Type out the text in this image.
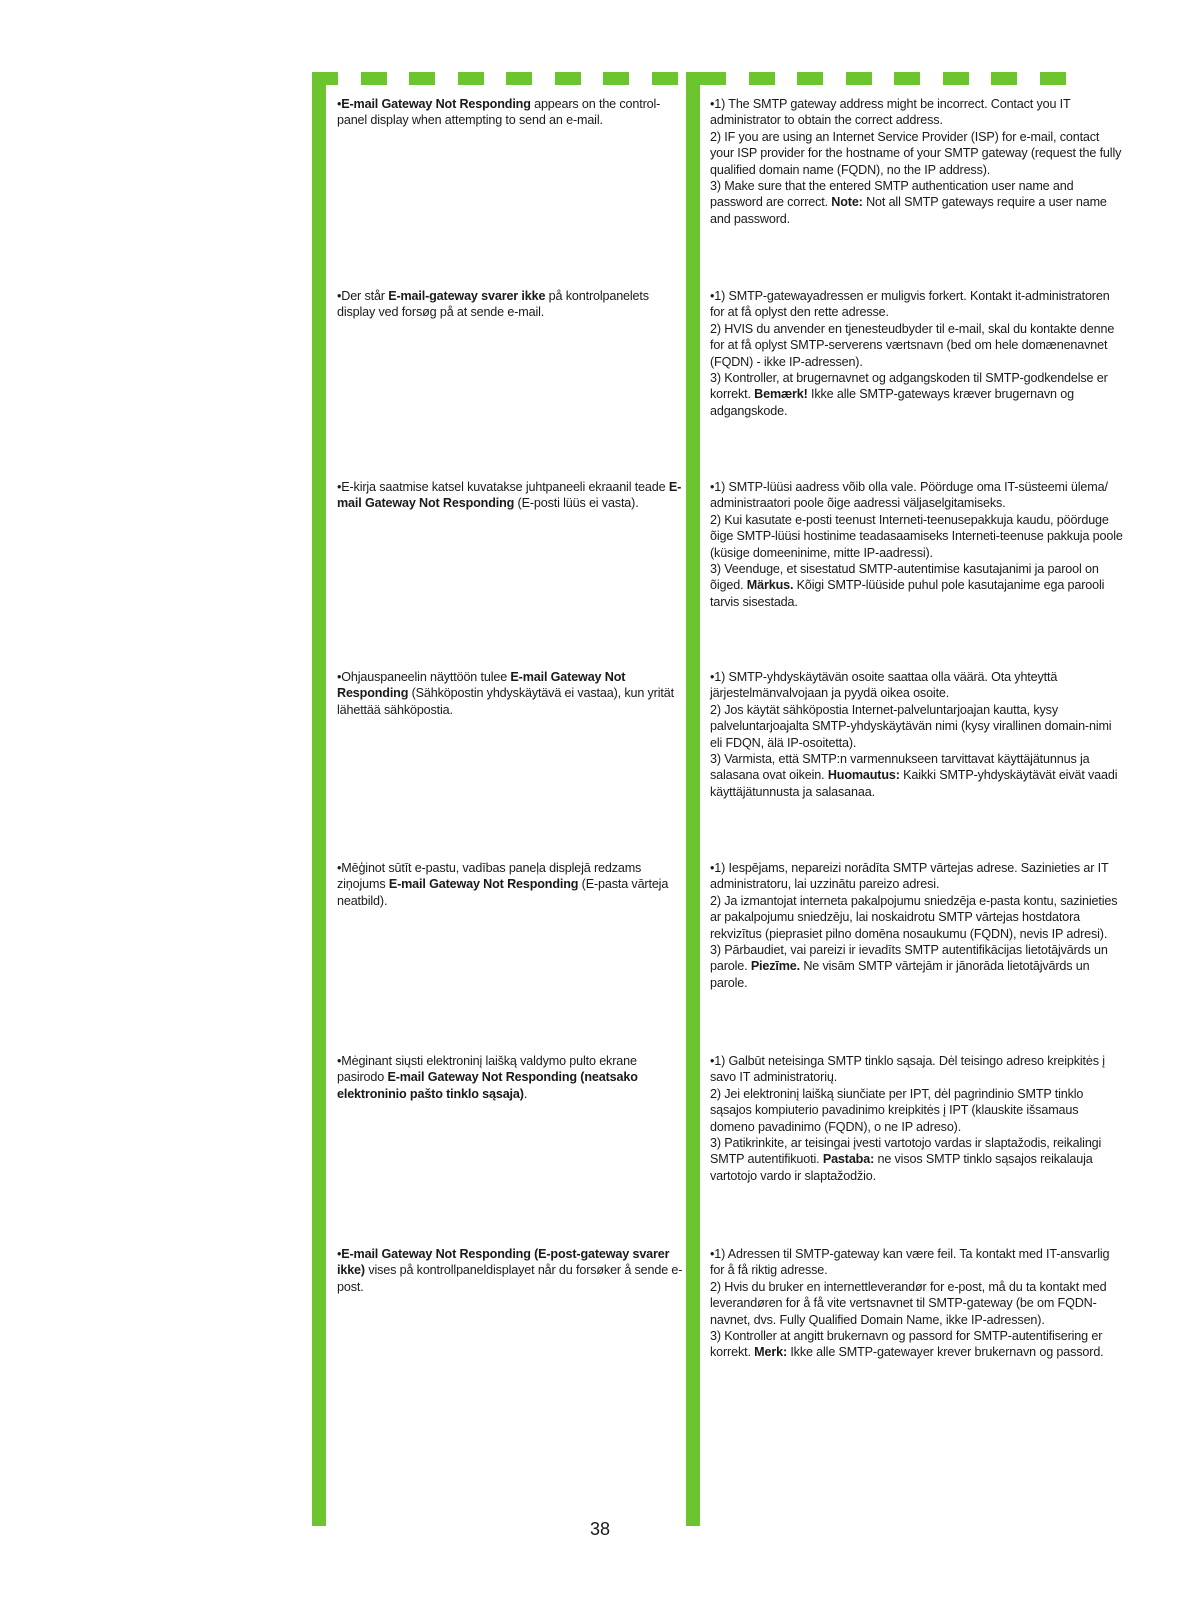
•E-mail Gateway Not Responding appears on the control-panel display when attempting to send an e-mail.

•1) The SMTP gateway address might be incorrect. Contact you IT administrator to obtain the correct address.

2) IF you are using an Internet Service Provider (ISP) for e-mail, contact your ISP provider for the hostname of your SMTP gateway (request the fully qualified domain name (FQDN), no the IP address).

3) Make sure that the entered SMTP authentication user name and password are correct. Note: Not all SMTP gateways require a user name and password.

•Der står E-mail-gateway svarer ikke på kontrolpanelets display ved forsøg på at sende e-mail.

•1) SMTP-gatewayadressen er muligvis forkert. Kontakt it-administratoren for at få oplyst den rette adresse.

2) HVIS du anvender en tjenesteudbyder til e-mail, skal du kontakte denne for at få oplyst SMTP-serverens værtsnavn (bed om hele domænenavnet (FQDN) - ikke IP-adressen).

3) Kontroller, at brugernavnet og adgangskoden til SMTP-godkendelse er korrekt. Bemærk! Ikke alle SMTP-gateways kræver brugernavn og adgangskode.

•E-kirja saatmise katsel kuvatakse juhtpaneeli ekraanil teade E-mail Gateway Not Responding (E-posti lüüs ei vasta).

•1) SMTP-lüüsi aadress võib olla vale. Pöörduge oma IT-süsteemi ülema/ administraatori poole õige aadressi väljaselgitamiseks.

2) Kui kasutate e-posti teenust Interneti-teenusepakkuja kaudu, pöörduge õige SMTP-lüüsi hostinime teadasaamiseks Interneti-teenuse pakkuja poole (küsige domeeninime, mitte IP-aadressi).

3) Veenduge, et sisestatud SMTP-autentimise kasutajanimi ja parool on õiged. Märkus. Kõigi SMTP-lüüside puhul pole kasutajanime ega parooli tarvis sisestada.

•Ohjauspaneelin näyttöön tulee E-mail Gateway Not Responding (Sähköpostin yhdyskäytävä ei vastaa), kun yrität lähettää sähköpostia.

•1) SMTP-yhdyskäytävän osoite saattaa olla väärä. Ota yhteyttä järjestelmänvalvojaan ja pyydä oikea osoite.

2) Jos käytät sähköpostia Internet-palveluntarjoajan kautta, kysy palveluntarjoajalta SMTP-yhdyskäytävän nimi (kysy virallinen domain-nimi eli FDQN, älä IP-osoitetta).

3) Varmista, että SMTP:n varmennukseen tarvittavat käyttäjätunnus ja salasana ovat oikein. Huomautus: Kaikki SMTP-yhdyskäytävät eivät vaadi käyttäjätunnusta ja salasanaa.

•Mēģinot sūtīt e-pastu, vadības paneļa displejā redzams ziņojums E-mail Gateway Not Responding (E-pasta vārteja neatbild).

•1) Iespējams, nepareizi norādīta SMTP vārtejas adrese. Sazinieties ar IT administratoru, lai uzzinātu pareizo adresi.

2) Ja izmantojat interneta pakalpojumu sniedzēja e-pasta kontu, sazinieties ar pakalpojumu sniedzēju, lai noskaidrotu SMTP vārtejas hostdatora rekvizītus (pieprasiet pilno domēna nosaukumu (FQDN), nevis IP adresi).

3) Pārbaudiet, vai pareizi ir ievadīts SMTP autentifikācijas lietotājvārds un parole. Piezīme. Ne visām SMTP vārtejām ir jānorāda lietotājvārds un parole.

•Mėginant siųsti elektroninį laišką valdymo pulto ekrane pasirodo E-mail Gateway Not Responding (neatsako elektroninio pašto tinklo sąsaja).

•1) Galbūt neteisinga SMTP tinklo sąsaja. Dėl teisingo adreso kreipkitės į savo IT administratorių.

2) Jei elektroninį laišką siunčiate per IPT, dėl pagrindinio SMTP tinklo sąsajos kompiuterio pavadinimo kreipkitės į IPT (klauskite išsamaus domeno pavadinimo (FQDN), o ne IP adreso).

3) Patikrinkite, ar teisingai įvesti vartotojo vardas ir slaptažodis, reikalingi SMTP autentifikuoti. Pastaba: ne visos SMTP tinklo sąsajos reikalauja vartotojo vardo ir slaptažodžio.

•E-mail Gateway Not Responding (E-post-gateway svarer ikke) vises på kontrollpaneldisplayet når du forsøker å sende e-post.

•1) Adressen til SMTP-gateway kan være feil. Ta kontakt med IT-ansvarlig for å få riktig adresse.

2) Hvis du bruker en internettleverandør for e-post, må du ta kontakt med leverandøren for å få vite vertsnavnet til SMTP-gateway (be om FQDN-navnet, dvs. Fully Qualified Domain Name, ikke IP-adressen).

3) Kontroller at angitt brukernavn og passord for SMTP-autentifisering er korrekt. Merk: Ikke alle SMTP-gatewayer krever brukernavn og passord.

38
